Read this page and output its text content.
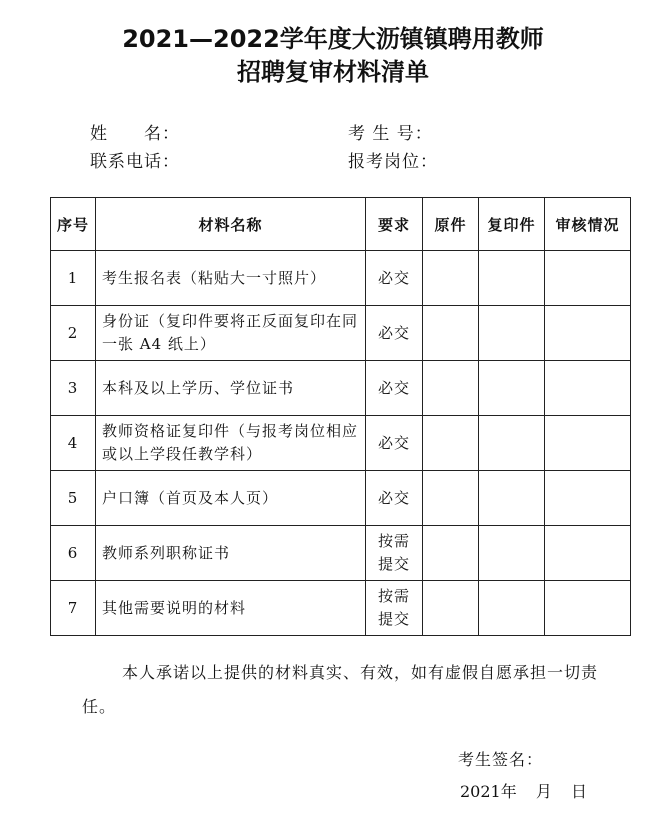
2021—2022学年度大沥镇镇聘用教师
招聘复审材料清单
姓　　名：	考 生 号：
联系电话：	报考岗位：
序号	材料名称	要求	原件	复印件	审核情况
1	考生报名表（粘贴大一寸照片）	必交			
2	身份证（复印件要将正反面复印在同一张 A4 纸上）	必交			
3	本科及以上学历、学位证书	必交			
4	教师资格证复印件（与报考岗位相应或以上学段任教学科）	必交			
5	户口簿（首页及本人页）	必交			
6	教师系列职称证书	按需提交			
7	其他需要说明的材料	按需提交			
本人承诺以上提供的材料真实、有效，如有虚假自愿承担一切责任。
考生签名：
2021年 月 日
